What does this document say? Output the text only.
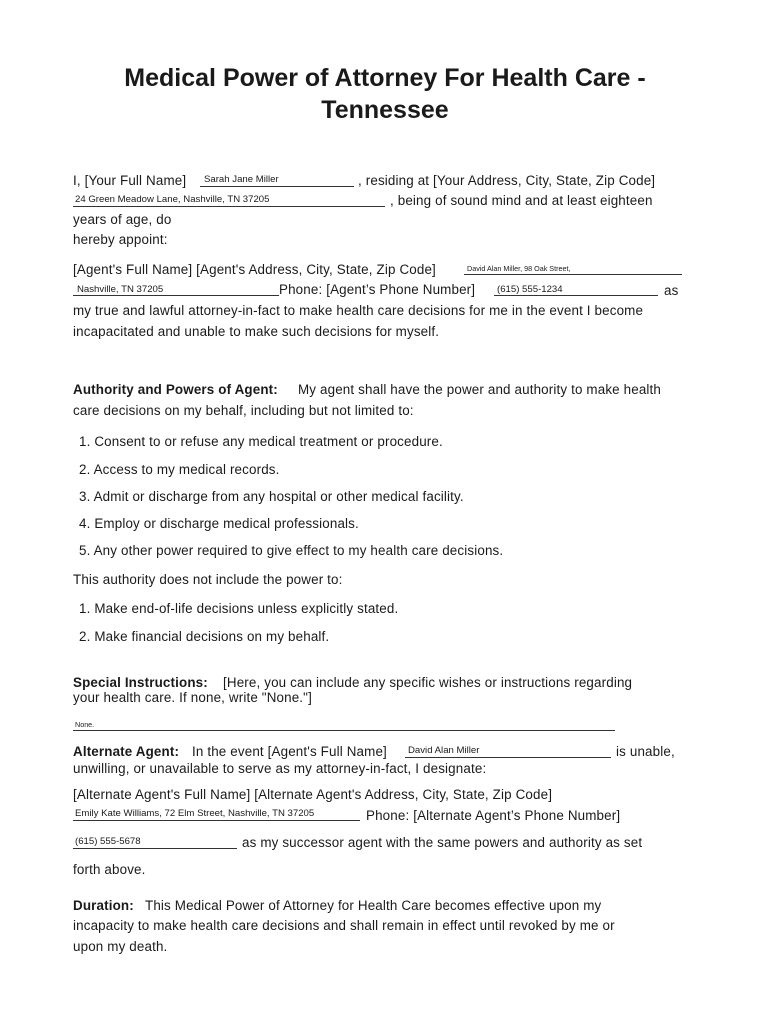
Medical Power of Attorney For Health Care -
Tennessee
I, [Your Full Name] Sarah Jane Miller	, residing at [Your Address, City, State, Zip Code]
24 Green Meadow Lane, Nashville, TN 37205	, being of sound mind and at least eighteen
years of age, do
hereby appoint:
[Agent's Full Name] [Agent's Address, City, State, Zip Code]	David Alan Miller, 98 Oak Street,
Nashville, TN 37205	Phone: [Agent’s Phone Number] (615) 555-1234	as
my true and lawful attorney-in-fact to make health care decisions for me in the event I become
incapacitated and unable to make such decisions for myself.
Authority and Powers of Agent: My agent shall have the power and authority to make health
care decisions on my behalf, including but not limited to:
1. Consent to or refuse any medical treatment or procedure.
2. Access to my medical records.
3. Admit or discharge from any hospital or other medical facility.
4. Employ or discharge medical professionals.
5. Any other power required to give effect to my health care decisions.
This authority does not include the power to:
1. Make end-of-life decisions unless explicitly stated.
2. Make financial decisions on my behalf.
Special Instructions: [Here, you can include any specific wishes or instructions regarding
your health care. If none, write "None."]
None.
Alternate Agent: In the event [Agent's Full Name] David Alan Miller	is unable,
unwilling, or unavailable to serve as my attorney-in-fact, I designate:
[Alternate Agent's Full Name] [Alternate Agent's Address, City, State, Zip Code]
Emily Kate Williams, 72 Elm Street, Nashville, TN 37205	Phone: [Alternate Agent’s Phone Number]
(615) 555-5678	as my successor agent with the same powers and authority as set
forth above.
Duration: This Medical Power of Attorney for Health Care becomes effective upon my
incapacity to make health care decisions and shall remain in effect until revoked by me or
upon my death.
